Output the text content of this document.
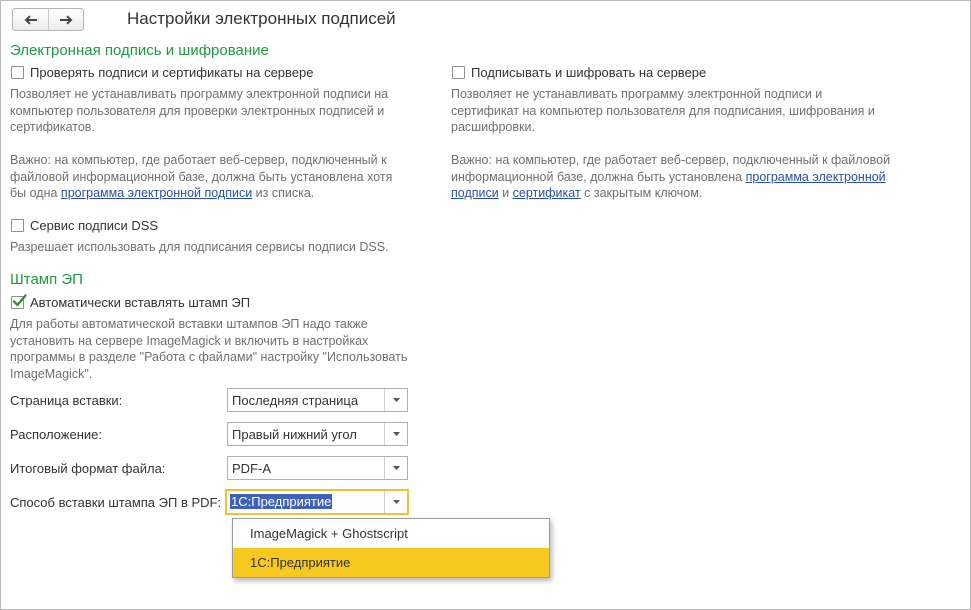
Настройки электронных подписей
Электронная подпись и шифрование
Проверять подписи и сертификаты на сервере
Позволяет не устанавливать программу электронной подписи на компьютер пользователя для проверки электронных подписей и сертификатов.
Важно: на компьютер, где работает веб-сервер, подключенный к файловой информационной базе, должна быть установлена хотя бы одна программа электронной подписи из списка.
Подписывать и шифровать на сервере
Позволяет не устанавливать программу электронной подписи и сертификат на компьютер пользователя для подписания, шифрования и расшифровки.
Важно: на компьютер, где работает веб-сервер, подключенный к файловой информационной базе, должна быть установлена программа электронной подписи и сертификат с закрытым ключом.
Сервис подписи DSS
Разрешает использовать для подписания сервисы подписи DSS.
Штамп ЭП
Автоматически вставлять штамп ЭП
Для работы автоматической вставки штампов ЭП надо также установить на сервере ImageMagick и включить в настройках программы в разделе "Работа с файлами" настройку "Использовать ImageMagick".
Страница вставки:	Последняя страница
Расположение:	Правый нижний угол
Итоговый формат файла:	PDF-A
Способ вставки штампа ЭП в PDF: 1С:Предприятие
ImageMagick + Ghostscript
1С:Предприятие
